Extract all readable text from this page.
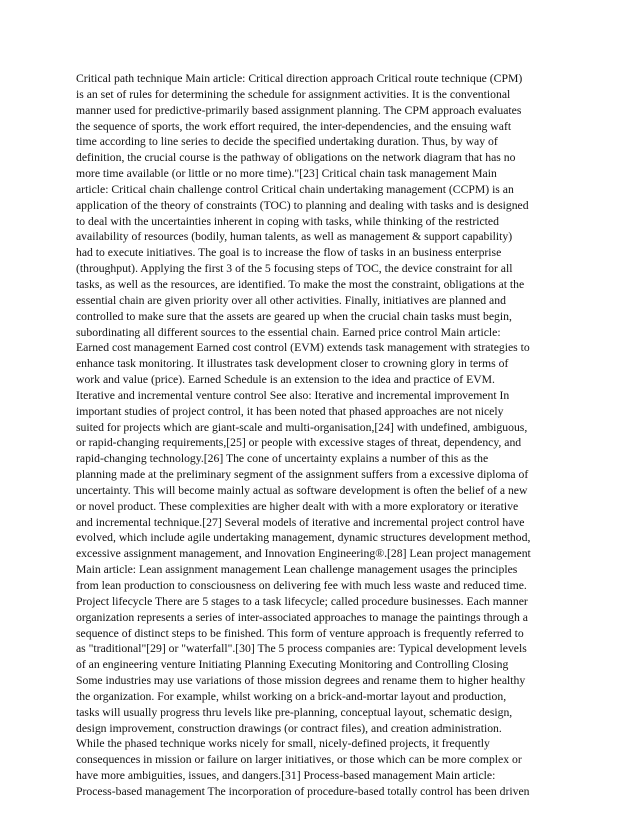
Critical path technique Main article: Critical direction approach Critical route technique (CPM)
is an set of rules for determining the schedule for assignment activities. It is the conventional
manner used for predictive-primarily based assignment planning. The CPM approach evaluates
the sequence of sports, the work effort required, the inter-dependencies, and the ensuing waft
time according to line series to decide the specified undertaking duration. Thus, by way of
definition, the crucial course is the pathway of obligations on the network diagram that has no
more time available (or little or no more time)."[23] Critical chain task management Main
article: Critical chain challenge control Critical chain undertaking management (CCPM) is an
application of the theory of constraints (TOC) to planning and dealing with tasks and is designed
to deal with the uncertainties inherent in coping with tasks, while thinking of the restricted
availability of resources (bodily, human talents, as well as management & support capability)
had to execute initiatives. The goal is to increase the flow of tasks in an business enterprise
(throughput). Applying the first 3 of the 5 focusing steps of TOC, the device constraint for all
tasks, as well as the resources, are identified. To make the most the constraint, obligations at the
essential chain are given priority over all other activities. Finally, initiatives are planned and
controlled to make sure that the assets are geared up when the crucial chain tasks must begin,
subordinating all different sources to the essential chain. Earned price control Main article:
Earned cost management Earned cost control (EVM) extends task management with strategies to
enhance task monitoring. It illustrates task development closer to crowning glory in terms of
work and value (price). Earned Schedule is an extension to the idea and practice of EVM.
Iterative and incremental venture control See also: Iterative and incremental improvement In
important studies of project control, it has been noted that phased approaches are not nicely
suited for projects which are giant-scale and multi-organisation,[24] with undefined, ambiguous,
or rapid-changing requirements,[25] or people with excessive stages of threat, dependency, and
rapid-changing technology.[26] The cone of uncertainty explains a number of this as the
planning made at the preliminary segment of the assignment suffers from a excessive diploma of
uncertainty. This will become mainly actual as software development is often the belief of a new
or novel product. These complexities are higher dealt with with a more exploratory or iterative
and incremental technique.[27] Several models of iterative and incremental project control have
evolved, which include agile undertaking management, dynamic structures development method,
excessive assignment management, and Innovation Engineering®.[28] Lean project management
Main article: Lean assignment management Lean challenge management usages the principles
from lean production to consciousness on delivering fee with much less waste and reduced time.
Project lifecycle There are 5 stages to a task lifecycle; called procedure businesses. Each manner
organization represents a series of inter-associated approaches to manage the paintings through a
sequence of distinct steps to be finished. This form of venture approach is frequently referred to
as "traditional"[29] or "waterfall".[30] The 5 process companies are: Typical development levels
of an engineering venture Initiating Planning Executing Monitoring and Controlling Closing
Some industries may use variations of those mission degrees and rename them to higher healthy
the organization. For example, whilst working on a brick-and-mortar layout and production,
tasks will usually progress thru levels like pre-planning, conceptual layout, schematic design,
design improvement, construction drawings (or contract files), and creation administration.
While the phased technique works nicely for small, nicely-defined projects, it frequently
consequences in mission or failure on larger initiatives, or those which can be more complex or
have more ambiguities, issues, and dangers.[31] Process-based management Main article:
Process-based management The incorporation of procedure-based totally control has been driven
